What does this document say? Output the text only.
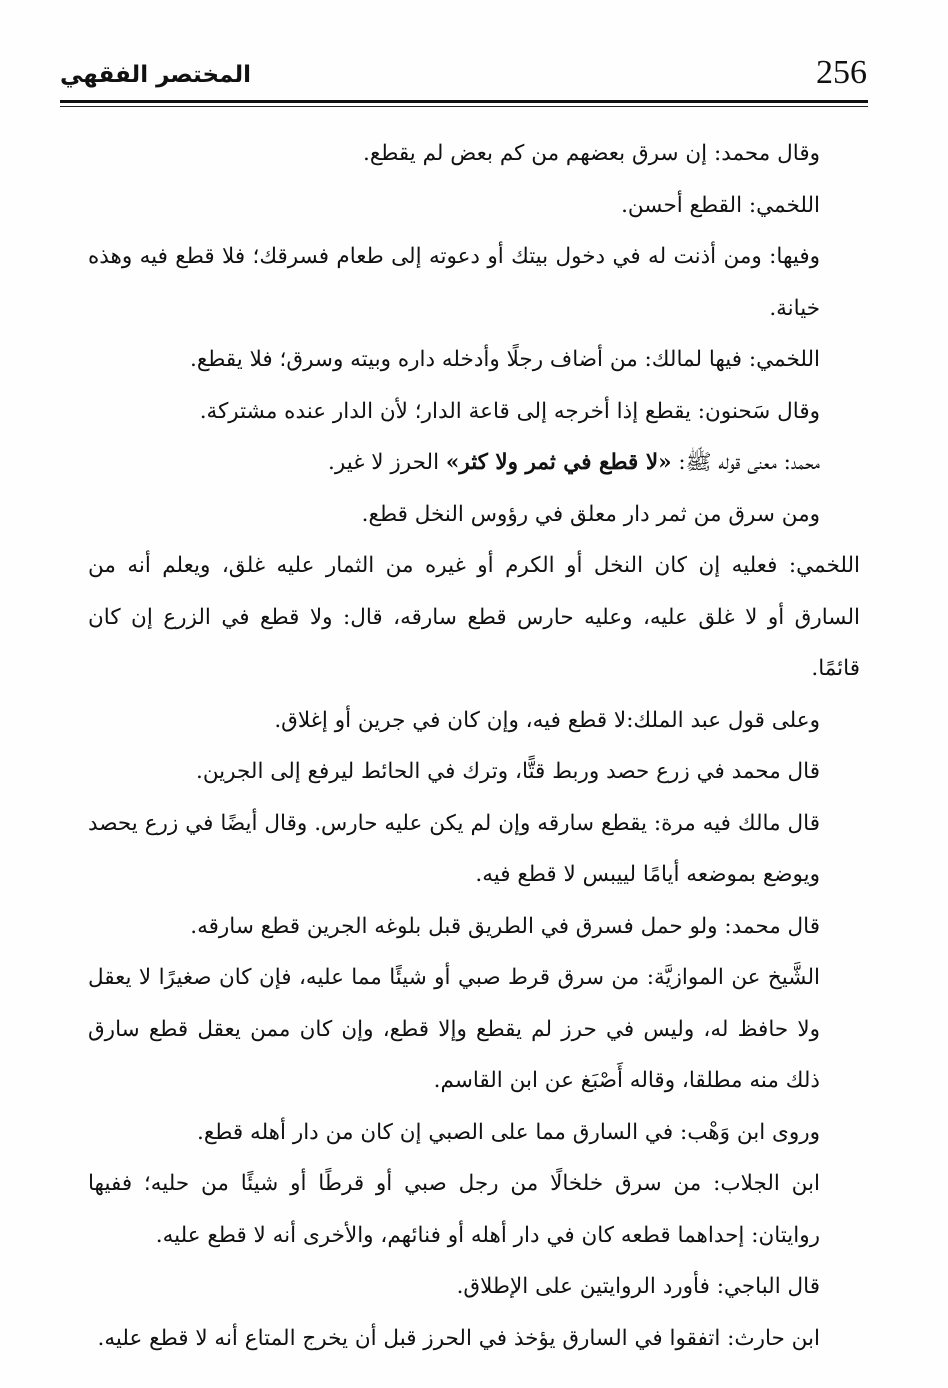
256
المختصر الفقهي

وقال محمد: إن سرق بعضهم من كم بعض لم يقطع.

اللخمي: القطع أحسن.

وفيها: ومن أذنت له في دخول بيتك أو دعوته إلى طعام فسرقك؛ فلا قطع فيه وهذه خيانة.

اللخمي: فيها لمالك: من أضاف رجلًا وأدخله داره وبيته وسرق؛ فلا يقطع.

وقال سَحنون: يقطع إذا أخرجه إلى قاعة الدار؛ لأن الدار عنده مشتركة.

محمد: معنى قوله ﷺ: «لا قطع في ثمر ولا كثر» الحرز لا غير.

ومن سرق من ثمر دار معلق في رؤوس النخل قطع.

اللخمي: فعليه إن كان النخل أو الكرم أو غيره من الثمار عليه غلق، ويعلم أنه من السارق أو لا غلق عليه، وعليه حارس قطع سارقه، قال: ولا قطع في الزرع إن كان قائمًا.

وعلى قول عبد الملك:لا قطع فيه، وإن كان في جرين أو إغلاق.

قال محمد في زرع حصد وربط قتًّا، وترك في الحائط ليرفع إلى الجرين.

قال مالك فيه مرة: يقطع سارقه وإن لم يكن عليه حارس. وقال أيضًا في زرع يحصد ويوضع بموضعه أيامًا لييبس لا قطع فيه.

قال محمد: ولو حمل فسرق في الطريق قبل بلوغه الجرين قطع سارقه.

الشَّيخ عن الموازيَّة: من سرق قرط صبي أو شيئًا مما عليه، فإن كان صغيرًا لا يعقل ولا حافظ له، وليس في حرز لم يقطع وإلا قطع، وإن كان ممن يعقل قطع سارق ذلك منه مطلقا، وقاله أَصْبَغ عن ابن القاسم.

وروى ابن وَهْب: في السارق مما على الصبي إن كان من دار أهله قطع.

ابن الجلاب: من سرق خلخالًا من رجل صبي أو قرطًا أو شيئًا من حليه؛ ففيها روايتان: إحداهما قطعه كان في دار أهله أو فنائهم، والأخرى أنه لا قطع عليه.

قال الباجي: فأورد الروايتين على الإطلاق.

ابن حارث: اتفقوا في السارق يؤخذ في الحرز قبل أن يخرج المتاع أنه لا قطع عليه.
